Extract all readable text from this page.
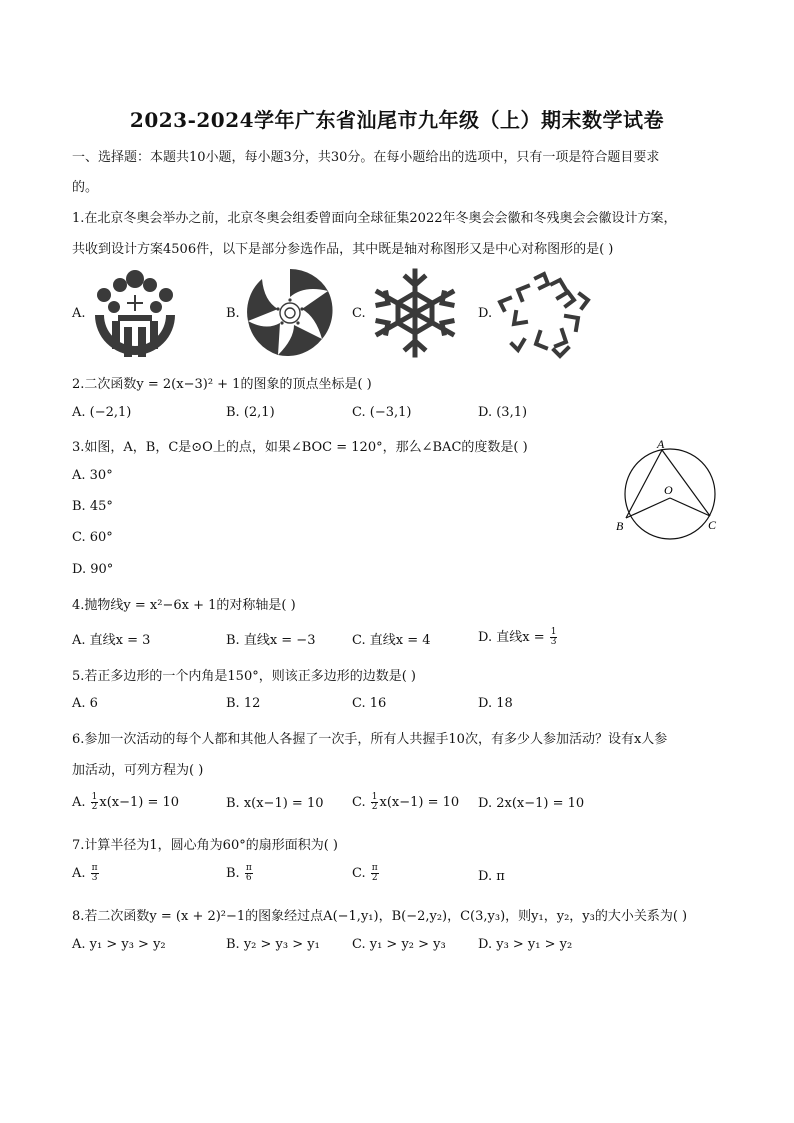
2023-2024学年广东省汕尾市九年级（上）期末数学试卷
一、选择题：本题共10小题，每小题3分，共30分。在每小题给出的选项中，只有一项是符合题目要求
的。
1.在北京冬奥会举办之前，北京冬奥会组委曾面向全球征集2022年冬奥会会徽和冬残奥会会徽设计方案，
共收到设计方案4506件，以下是部分参选作品，其中既是轴对称图形又是中心对称图形的是( )
A.	B.	C.	D.
2.二次函数y = 2(x−3)² + 1的图象的顶点坐标是( )
A. (−2,1)	B. (2,1)	C. (−3,1)	D. (3,1)
3.如图，A，B，C是⊙O上的点，如果∠BOC = 120°，那么∠BAC的度数是( )
A. 30°
B. 45°
C. 60°
D. 90°
A
O
B	C
4.抛物线y = x²−6x + 1的对称轴是( )
A. 直线x = 3	B. 直线x = −3	C. 直线x = 4	D. 直线$x = \frac{1}{3}$
5.若正多边形的一个内角是150°，则该正多边形的边数是( )
A. 6	B. 12	C. 16	D. 18
6.参加一次活动的每个人都和其他人各握了一次手，所有人共握手10次，有多少人参加活动？设有x人参
加活动，可列方程为( )
A. $\frac{1}{2} x(x-1) = 10$	B. x(x−1) = 10 C. $\frac{1}{2} x(x-1) = 10$ D. 2x(x−1) = 10
7.计算半径为1，圆心角为60°的扇形面积为( )
A. $\frac{\pi}{3}$	B. $\frac{\pi}{6}$	C. $\frac{\pi}{2}$	D. π
8.若二次函数y = (x + 2)²−1的图象经过点A(−1,y₁)，B(−2,y₂)，C(3,y₃)，则y₁，y₂，y₃的大小关系为( )
A. y₁ > y₃ > y₂	B. y₂ > y₃ > y₁ C. y₁ > y₂ > y₃ D. y₃ > y₁ > y₂
